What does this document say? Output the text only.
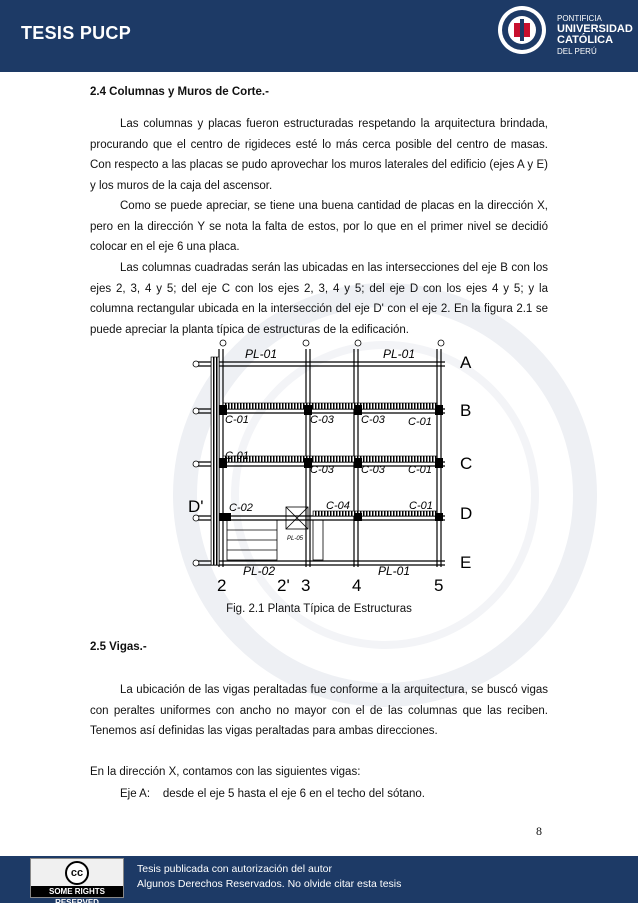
TESIS PUCP
PONTIFICIA
UNIVERSIDAD
CATÓLICA
DEL PERÚ
2.4 Columnas y Muros de Corte.-
Las columnas y placas fueron estructuradas respetando la arquitectura brindada, procurando que el centro de rigideces esté lo más cerca posible del centro de masas. Con respecto a las placas se pudo aprovechar los muros laterales del edificio (ejes A y E) y los muros de la caja del ascensor.
Como se puede apreciar, se tiene una buena cantidad de placas en la dirección X, pero en la dirección Y se nota la falta de estos, por lo que en el primer nivel se decidió colocar en el eje 6 una placa.
Las columnas cuadradas serán las ubicadas en las intersecciones del eje B con los ejes 2, 3, 4 y 5; del eje C con los ejes 2, 3, 4 y 5; del eje D con los ejes 4 y 5; y la columna rectangular ubicada en la intersección del eje D' con el eje 2. En la figura 2.1 se puede apreciar la planta típica de estructuras de la edificación.
PL-01	PL-01
PL-02	PL-01
PL-05
C-01	C-03 C-03 C-01
C-01
C-03 C-03 C-01
C-02	C-04	C-01
A
B
C
D
E
D'
2	2' 3 4	5
Fig. 2.1 Planta Típica de Estructuras
2.5 Vigas.-
La ubicación de las vigas peraltadas fue conforme a la arquitectura, se buscó vigas con peraltes uniformes con ancho no mayor con el de las columnas que las reciben. Tenemos así definidas las vigas peraltadas para ambas direcciones.
En la dirección X, contamos con las siguientes vigas:
Eje A: desde el eje 5 hasta el eje 6 en el techo del sótano.
8
cc
SOME RIGHTS RESERVED
Tesis publicada con autorización del autor
Algunos Derechos Reservados. No olvide citar esta tesis
